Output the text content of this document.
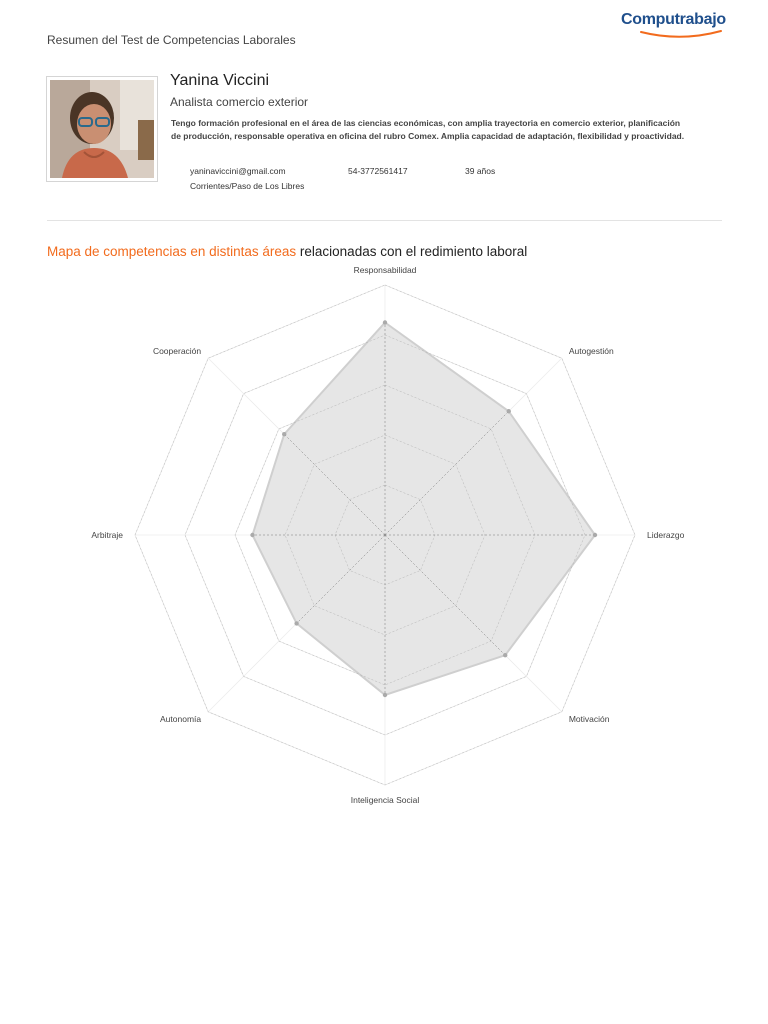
Resumen del Test de Competencias Laborales
Computrabajo
Yanina Viccini
Analista comercio exterior
Tengo formación profesional en el área de las ciencias económicas, con amplia trayectoria en comercio exterior, planificación de producción, responsable operativa en oficina del rubro Comex. Amplia capacidad de adaptación, flexibilidad y proactividad.
yaninaviccini@gmail.com	54-3772561417	39 años
Corrientes/Paso de Los Libres
Mapa de competencias en distintas áreas relacionadas con el redimiento laboral
Responsabilidad
Autogestión
Liderazgo
Motivación
Inteligencia Social
Autonomía
Arbitraje
Cooperación
